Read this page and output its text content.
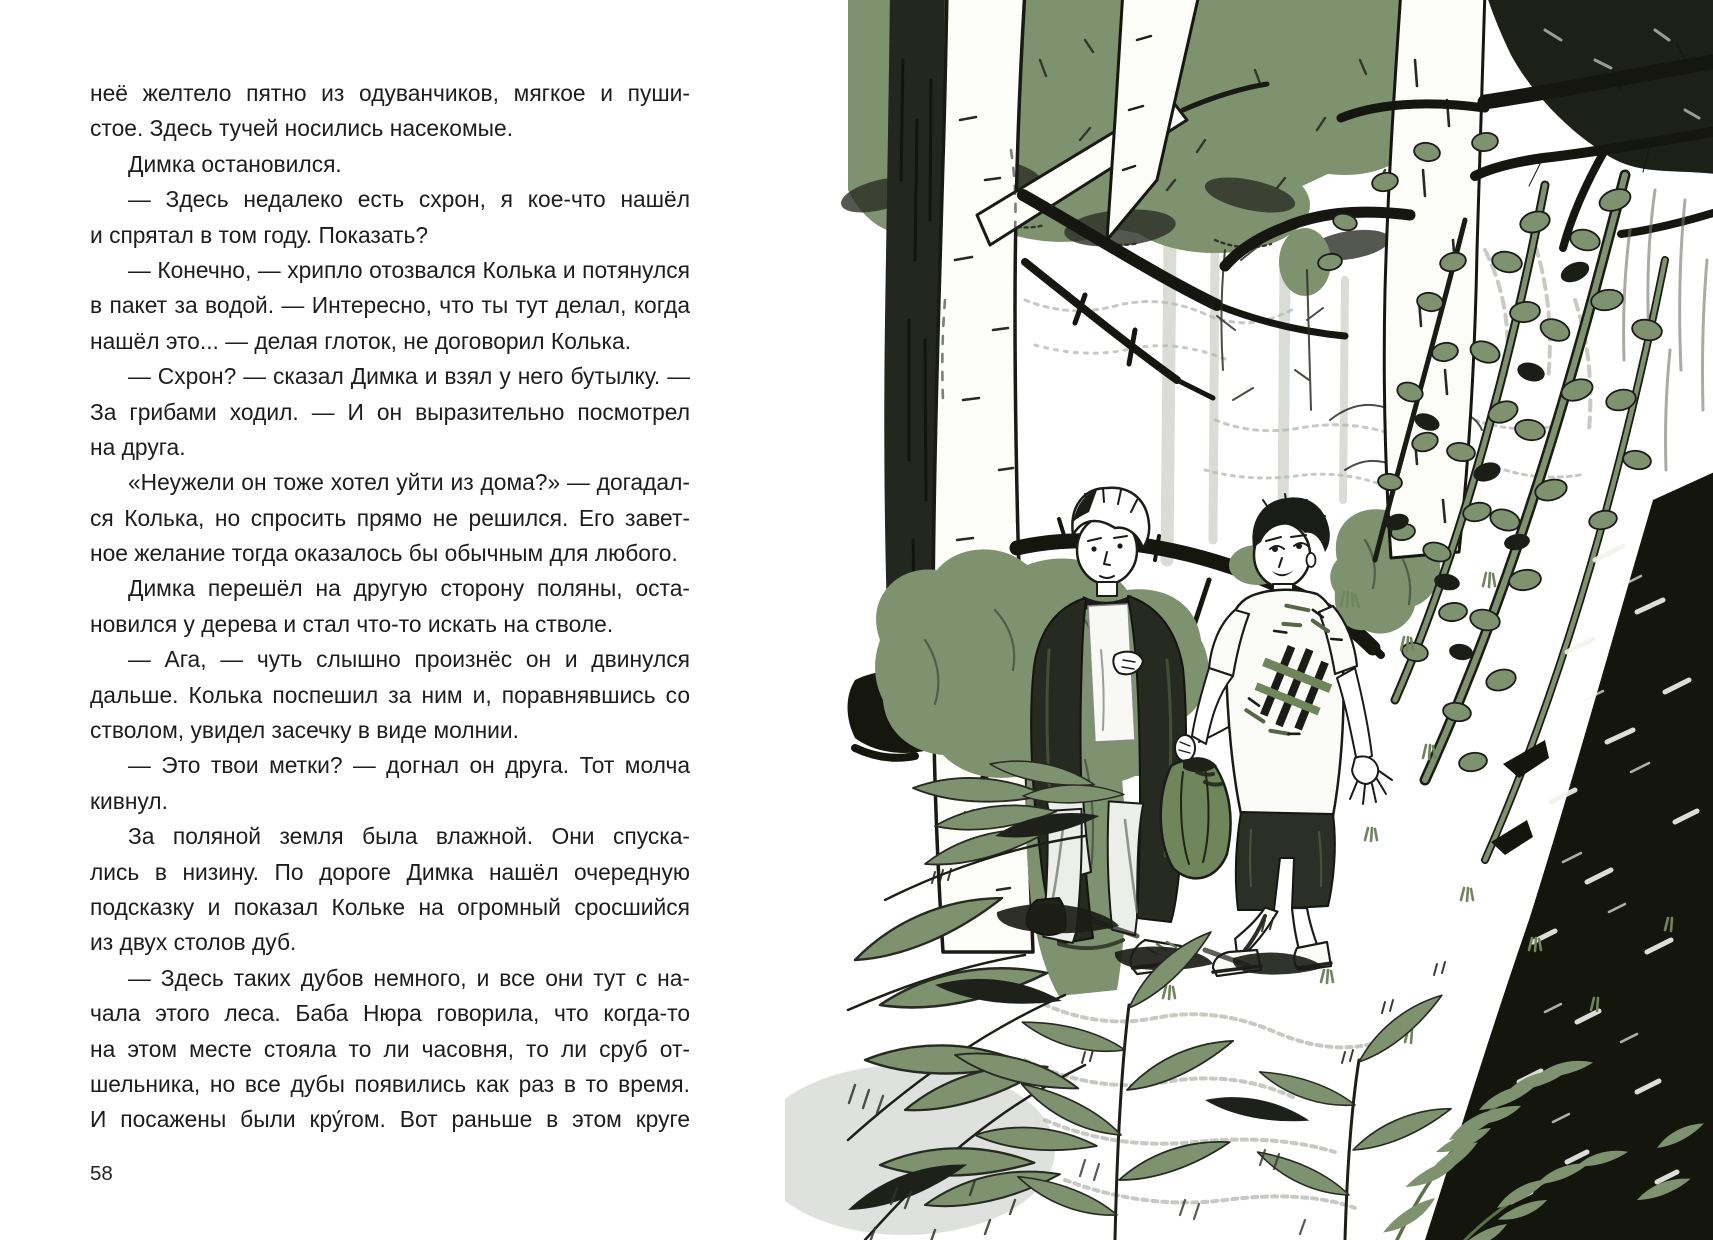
неё желтело пятно из одуванчиков, мягкое и пуши-
стое. Здесь тучей носились насекомые.
Димка остановился.
— Здесь недалеко есть схрон, я кое-что нашёл
и спрятал в том году. Показать?
— Конечно, — хрипло отозвался Колька и потянулся
в пакет за водой. — Интересно, что ты тут делал, когда
нашёл это... — делая глоток, не договорил Колька.
— Схрон? — сказал Димка и взял у него бутылку. —
За грибами ходил. — И он выразительно посмотрел
на друга.
«Неужели он тоже хотел уйти из дома?» — догадал-
ся Колька, но спросить прямо не решился. Его завет-
ное желание тогда оказалось бы обычным для любого.
Димка перешёл на другую сторону поляны, оста-
новился у дерева и стал что-то искать на стволе.
— Ага, — чуть слышно произнёс он и двинулся
дальше. Колька поспешил за ним и, поравнявшись со
стволом, увидел засечку в виде молнии.
— Это твои метки? — догнал он друга. Тот молча
кивнул.
За поляной земля была влажной. Они спуска-
лись в низину. По дороге Димка нашёл очередную
подсказку и показал Кольке на огромный сросшийся
из двух столов дуб.
— Здесь таких дубов немного, и все они тут с на-
чала этого леса. Баба Нюра говорила, что когда-то
на этом месте стояла то ли часовня, то ли сруб от-
шельника, но все дубы появились как раз в то время.
И посажены были кру́гом. Вот раньше в этом круге
58
